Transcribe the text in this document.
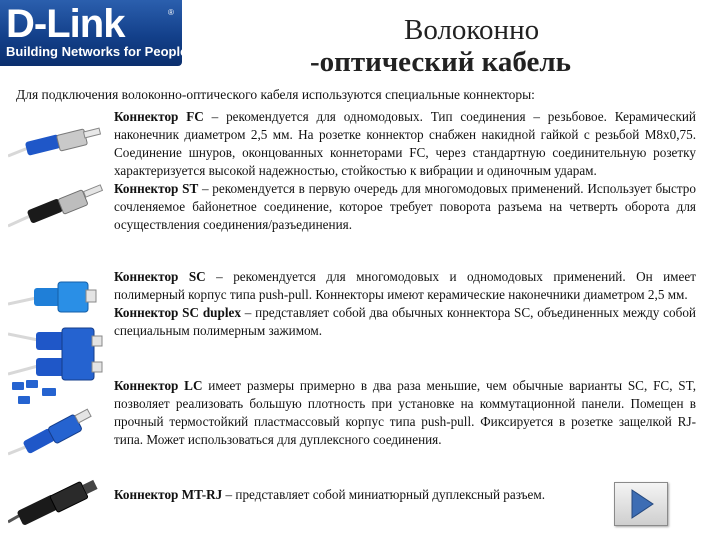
D-Link	®
Building Networks for People
Волоконно
-оптический кабель
Для подключения волоконно-оптического кабеля используются специальные коннекторы:

Коннектор FC – рекомендуется для одномодовых. Тип соединения – резьбовое. Керамический наконечник диаметром 2,5 мм. На розетке коннектор снабжен накидной гайкой с резьбой М8х0,75. Соединение шнуров, оконцованных коннеторами FC, через стандартную соединительную розетку характеризуется высокой надежностью, стойкостью к вибрации и одиночным ударам.

Коннектор ST – рекомендуется в первую очередь для многомодовых применений. Использует быстро сочленяемое байонетное соединение, которое требует поворота разъема на четверть оборота для осуществления соединения/разъединения.

Коннектор SC – рекомендуется для многомодовых и одномодовых применений. Он имеет полимерный корпус типа push-pull. Коннекторы имеют керамические наконечники диаметром 2,5 мм.

Коннектор SC duplex – представляет собой два обычных коннектора SC, объединенных между собой специальным полимерным зажимом.

Коннектор LC имеет размеры примерно в два раза меньшие, чем обычные варианты SC, FC, ST, позволяет реализовать большую плотность при установке на коммутационной панели. Помещен в прочный термостойкий пластмассовый корпус типа push-pull. Фиксируется в розетке защелкой RJ-типа. Может использоваться для дуплексного соединения.

Коннектор MT-RJ – представляет собой миниатюрный дуплексный разъем.
